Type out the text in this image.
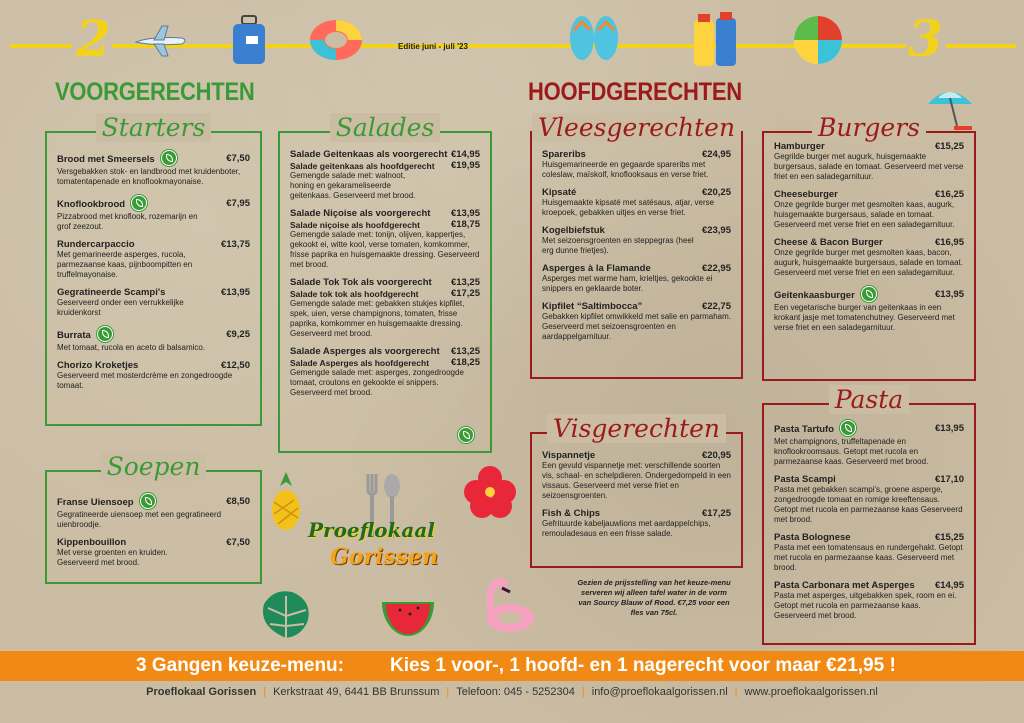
2	3
Editie juni - juli '23
VOORGERECHTEN	HOOFDGERECHTEN
Starters
Brood met Smeersels	€7,50
Versgebakken stok- en landbrood met kruidenboter, tomatentapenade en knoflookmayonaise.
Knoflookbrood	€7,95
Pizzabrood met knoflook, rozemarijn en grof zeezout.
Rundercarpaccio	€13,75
Met gemarineerde asperges, rucola, parmezaanse kaas, pijnboompitten en truffelmayonaise.
Gegratineerde Scampi's	€13,95
Geserveerd onder een verrukkelijke kruidenkorst
Burrata	€9,25
Met tomaat, rucola en aceto di balsamico.
Chorizo Kroketjes	€12,50
Geserveerd met mosterdcrème en zongedroogde tomaat.
Soepen
Franse Uiensoep	€8,50
Gegratineerde uiensoep met een gegratineerd uienbroodje.
Kippenbouillon	€7,50
Met verse groenten en kruiden. Geserveerd met brood.
Salades
Salade Geitenkaas als voorgerecht €14,95
Salade geitenkaas als hoofdgerecht €19,95
Gemengde salade met: walnoot, honing en gekarameliseerde geitenkaas. Geserveerd met brood.
Salade Niçoise als voorgerecht €13,95
Salade niçoise als hoofdgerecht	€18,75
Gemengde salade met: tonijn, olijven, kappertjes, gekookt ei, witte kool, verse tomaten, komkommer, frisse paprika en huisgemaakte dressing. Geserveerd met brood.
Salade Tok Tok als voorgerecht €13,25
Salade tok tok als hoofdgerecht	€17,25
Gemengde salade met: gebakken stukjes kipfilet, spek, uien, verse champignons, tomaten, frisse paprika, komkommer en huisgemaakte dressing. Geserveerd met brood.
Salade Asperges als voorgerecht €13,25
Salade Asperges als hoofdgerecht €18,25
Gemengde salade met: asperges, zongedroogde tomaat, croutons en gekookte ei snippers. Geserveerd met brood.
Proeflokaal
Gorissen
Vleesgerechten
Spareribs	€24,95
Huisgemarineerde en gegaarde spareribs met coleslaw, maïskolf, knoflooksaus en verse friet.
Kipsaté	€20,25
Huisgemaakte kipsaté met satésaus, atjar, verse kroepoek, gebakken uitjes en verse friet.
Kogelbiefstuk	€23,95
Met seizoensgroenten en steppegras (heel erg dunne frietjes).
Asperges à la Flamande	€22,95
Asperges met warme ham, krieltjes, gekookte ei snippers en geklaarde boter.
Kipfilet “Saltimbocca”	€22,75
Gebakken kipfilet omwikkeld met salie en parmaham. Geserveerd met seizoensgroenten en aardappelgarnituur.
Visgerechten
Vispannetje	€20,95
Een gevuld vispannetje met: verschillende soorten vis, schaal- en schelpdieren. Ondergedompeld in een vissaus. Geserveerd met verse friet en seizoensgroenten.
Fish & Chips	€17,25
Gefrituurde kabeljauwlions met aardappelchips, remouladesaus en een frisse salade.
Gezien de prijsstelling van het keuze-menu serveren wij alleen tafel water in de vorm van Sourcy Blauw of Rood. €7,25 voor een fles van 75cl.
Burgers
Hamburger	€15,25
Gegrilde burger met augurk, huisgemaakte burgersaus, salade en tomaat. Geserveerd met verse friet en een saladegarnituur.
Cheeseburger	€16,25
Onze gegrilde burger met gesmolten kaas, augurk, huisgemaakte burgersaus, salade en tomaat. Geserveerd met verse friet en een saladegarnituur.
Cheese & Bacon Burger	€16,95
Onze gegrilde burger met gesmolten kaas, bacon, augurk, huisgemaakte burgersaus, salade en tomaat. Geserveerd met verse friet en een saladegarnituur.
Geitenkaasburger	€13,95
Een vegetarische burger van geitenkaas in een krokant jasje met tomatenchutney. Geserveerd met verse friet en een saladegarnituur.
Pasta
Pasta Tartufo	€13,95
Met champignons, truffeltapenade en knoflookroomsaus. Getopt met rucola en parmezaanse kaas. Geserveerd met brood.
Pasta Scampi	€17,10
Pasta met gebakken scampi's, groene asperge, zongedroogde tomaat en romige kreeftensaus. Getopt met rucola en parmezaanse kaas Geserveerd met brood.
Pasta Bolognese	€15,25
Pasta met een tomatensaus en rundergehakt. Getopt met rucola en parmezaanse kaas. Geserveerd met brood.
Pasta Carbonara met Asperges €14,95
Pasta met asperges, uitgebakken spek, room en ei. Getopt met rucola en parmezaanse kaas. Geserveerd met brood.
3 Gangen keuze-menu: Kies 1 voor-, 1 hoofd- en 1 nagerecht voor maar €21,95 !
Proeflokaal Gorissen | Kerkstraat 49, 6441 BB Brunssum | Telefoon: 045 - 5252304 | info@proeflokaalgorissen.nl | www.proeflokaalgorissen.nl
